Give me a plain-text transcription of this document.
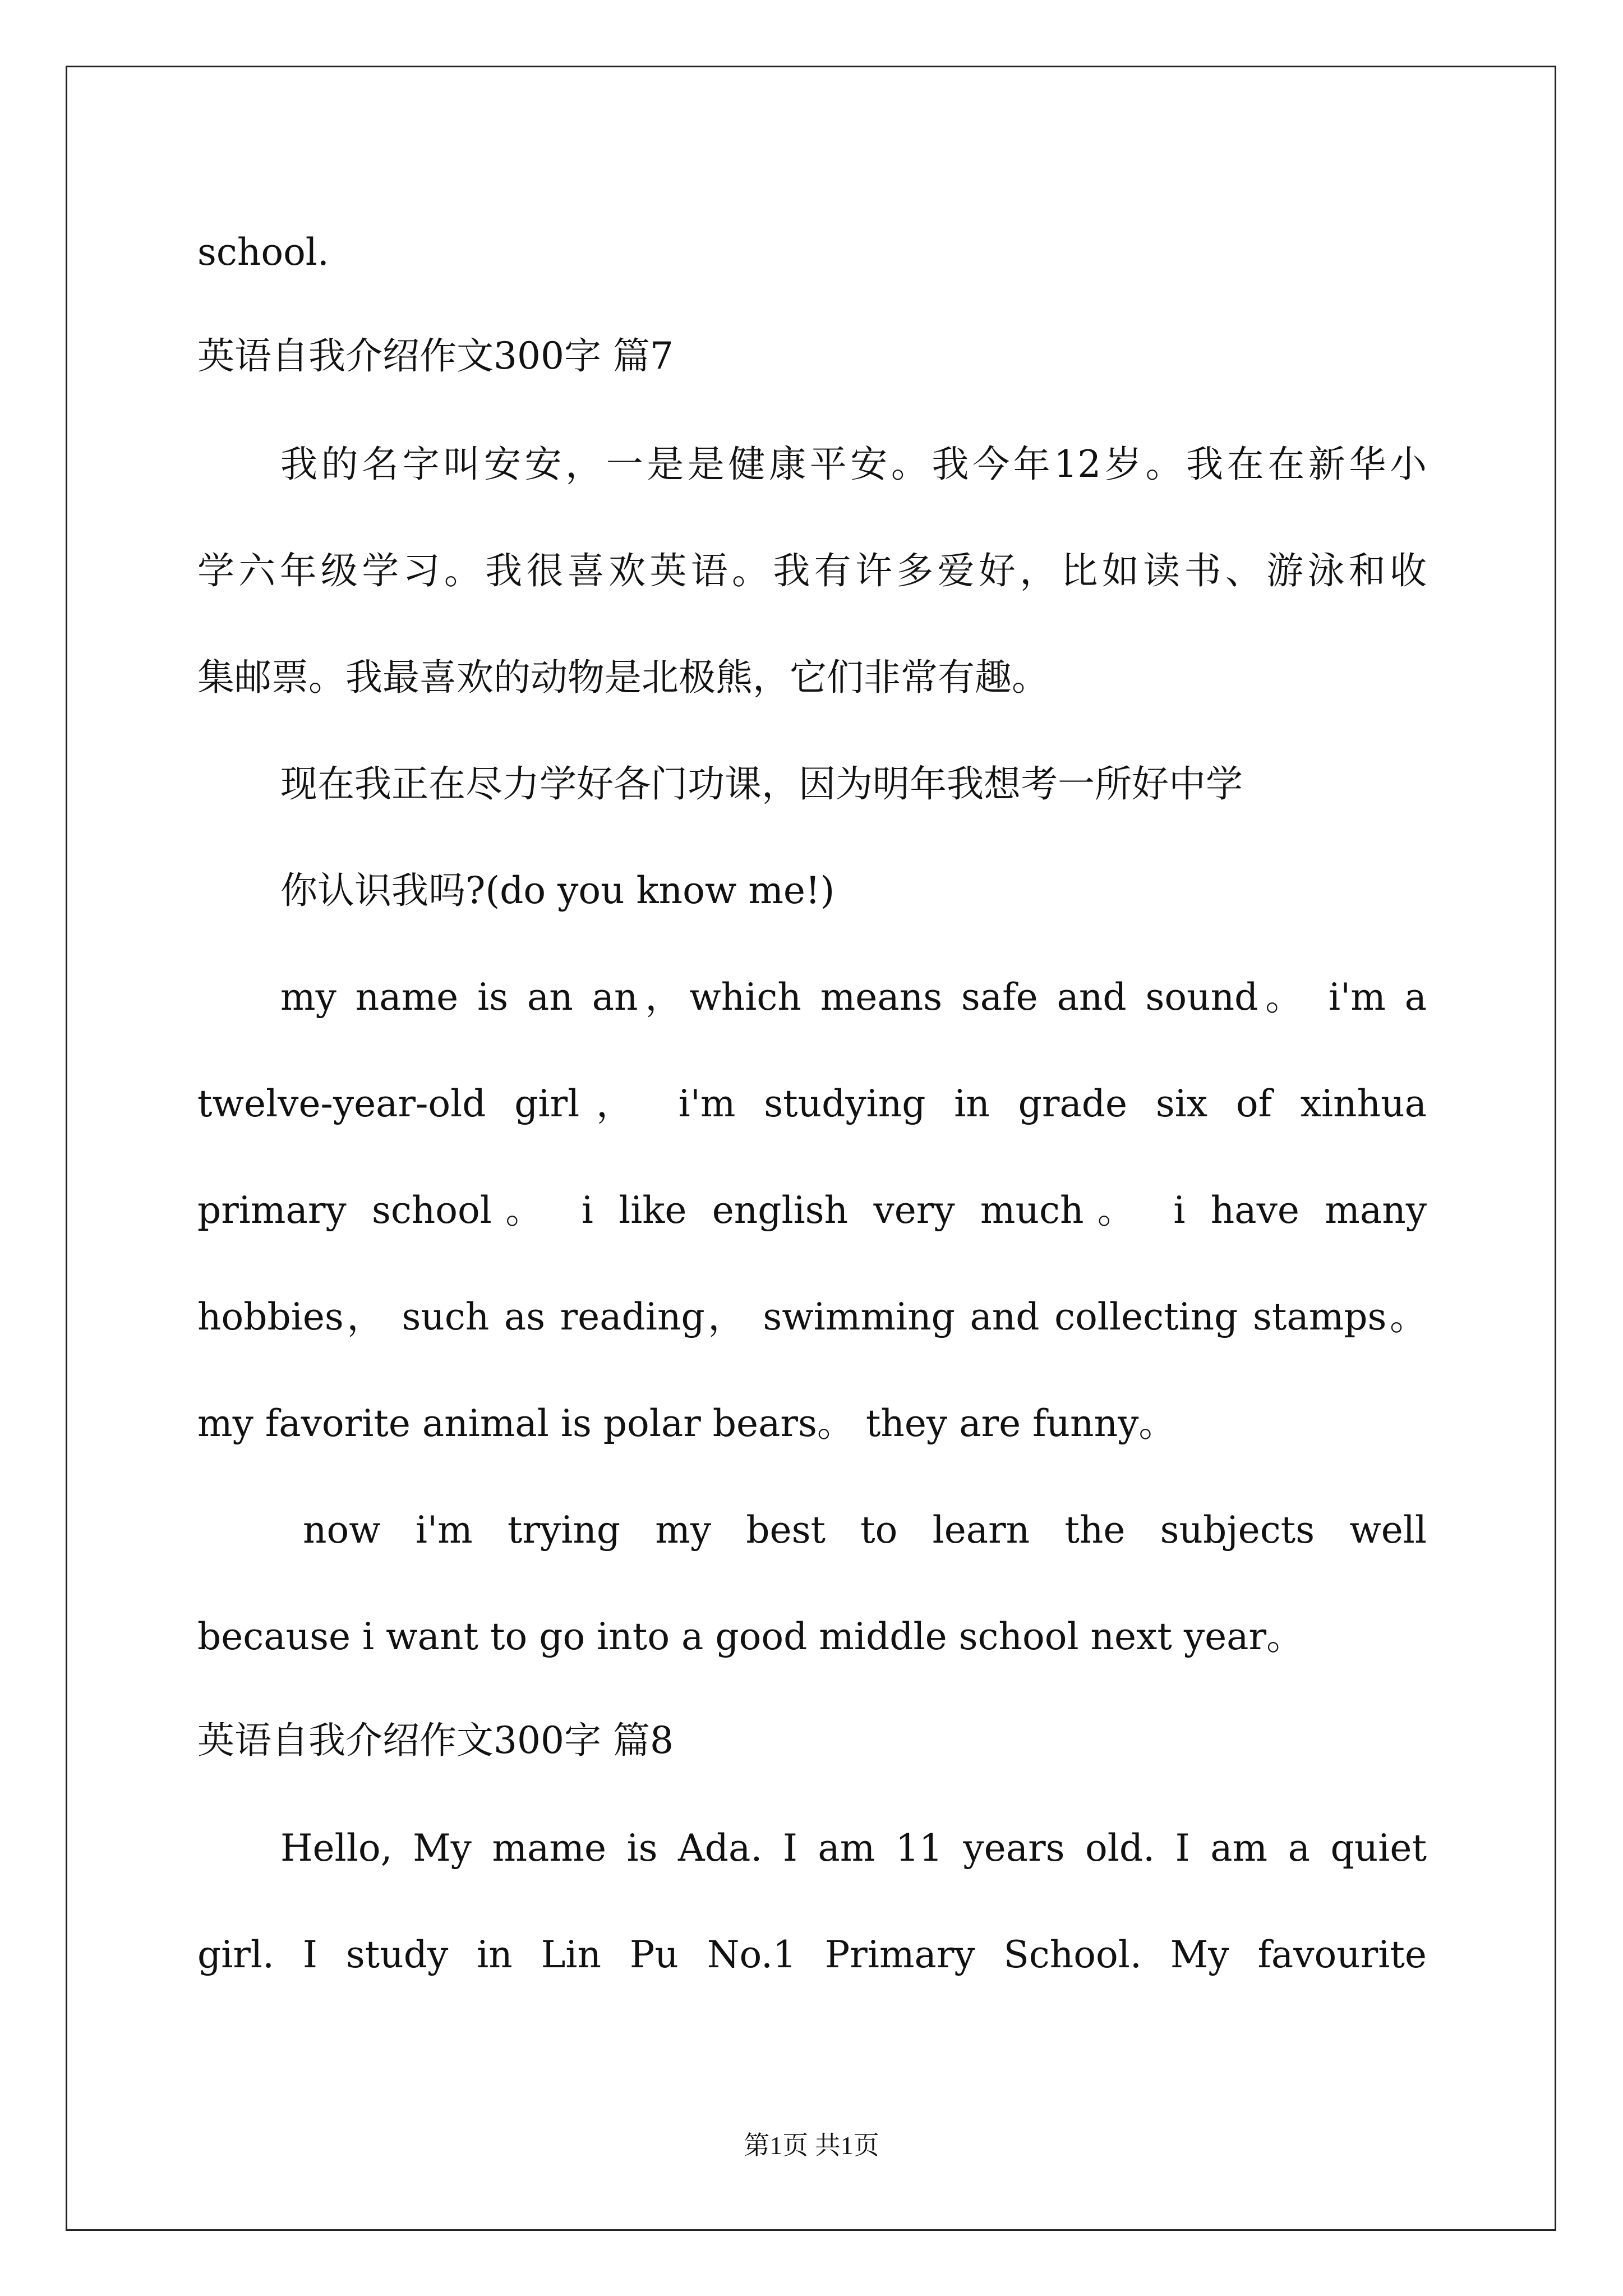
school.
英语自我介绍作文300字 篇7
我的名字叫安安，一是是健康平安。我今年12岁。我在在新华小
学六年级学习。我很喜欢英语。我有许多爱好，比如读书、游泳和收
集邮票。我最喜欢的动物是北极熊，它们非常有趣。
现在我正在尽力学好各门功课，因为明年我想考一所好中学
你认识我吗?(do you know me!)
my name is an an，which means safe and sound。 i'm a
twelve-year-old girl， i'm studying in grade six of xinhua
primary school。 i like english very much。 i have many
hobbies， such as reading， swimming and collecting stamps。
my favorite animal is polar bears。 they are funny。
now i'm trying my best to learn the subjects well
because i want to go into a good middle school next year。
英语自我介绍作文300字 篇8
Hello, My mame is Ada. I am 11 years old. I am a quiet
girl. I study in Lin Pu No.1 Primary School. My favourite
第1页 共1页
